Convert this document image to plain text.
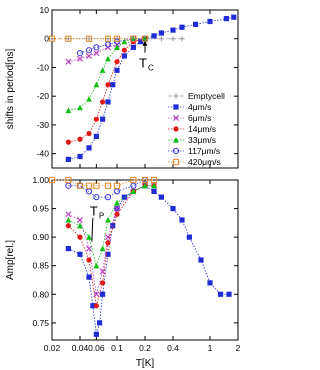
10
0
-10
-20
-30
-40
shifts in period[ns]	T C
Emptycell
4μm/s
6μm/s
14μm/s
33μm/s
117μm/s
420μm/s
1.00
0.95
0.90
0.85
0.80
0.75
0.02 0.04 0.06 0.1 0.2 0.4	1	2
Amp[rel.]
T[K]
T P
